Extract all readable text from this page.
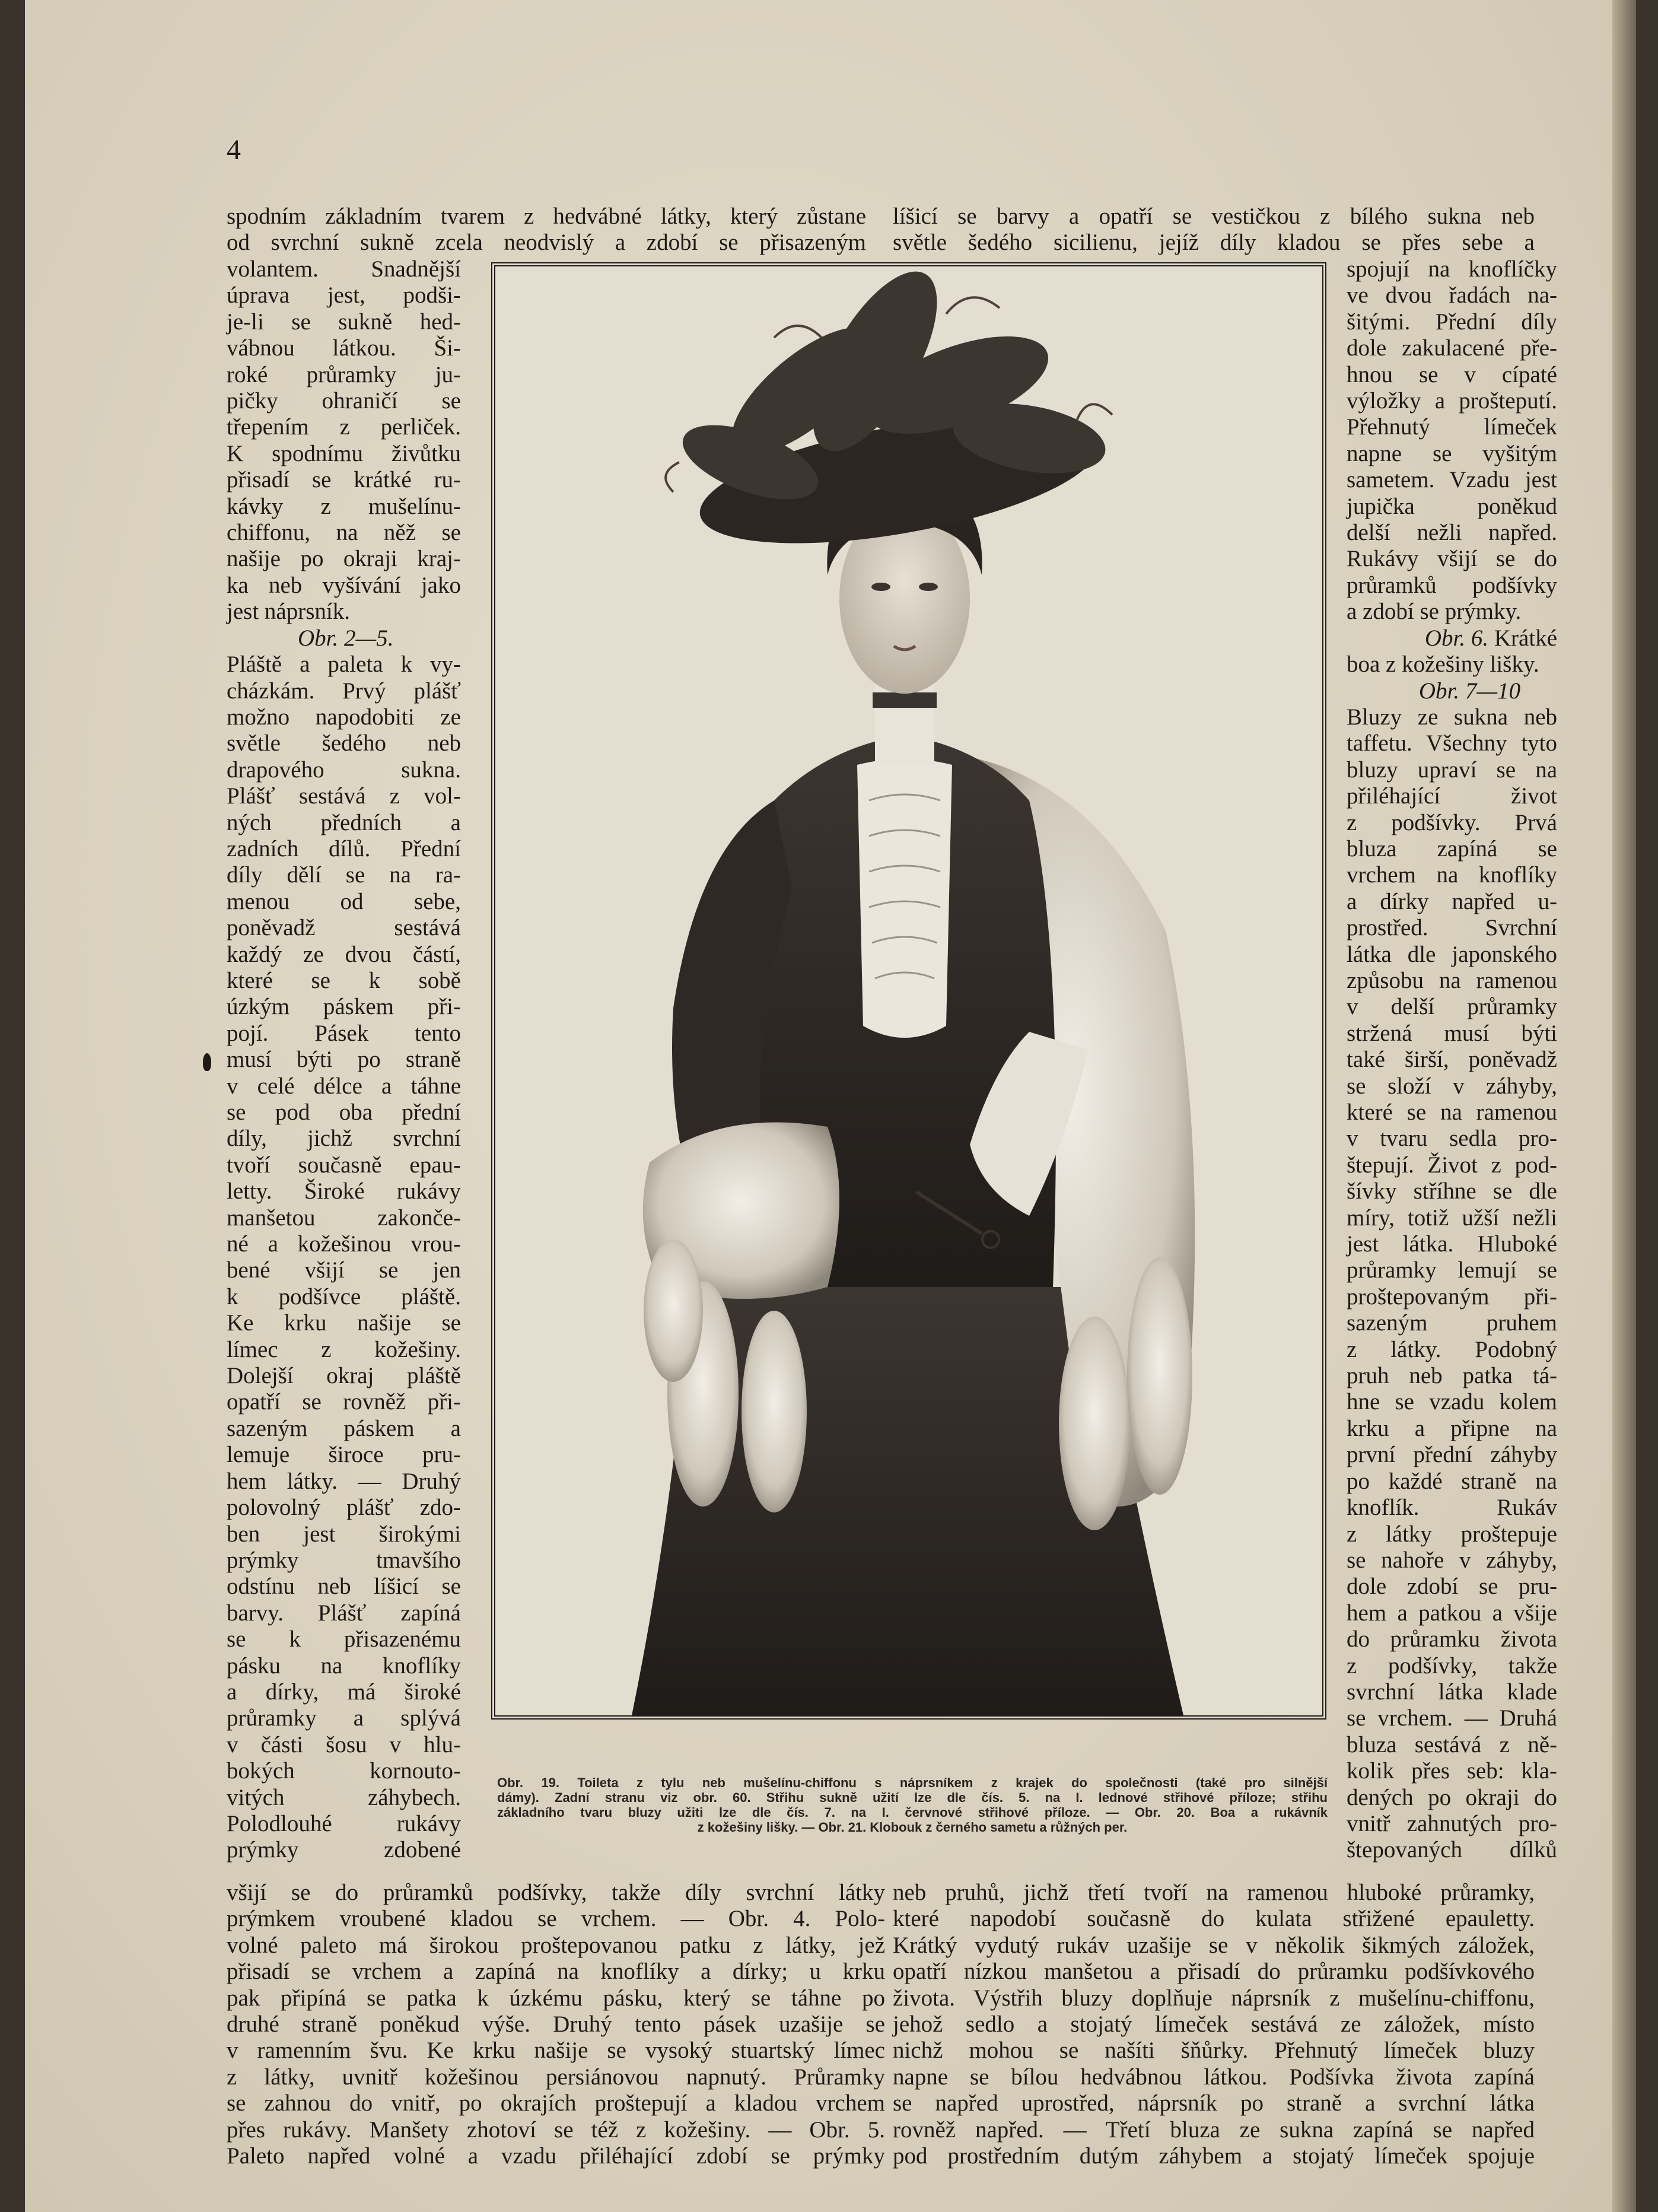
4

spodním základním tvarem z hedvábné látky, který zůstane

od svrchní sukně zcela neodvislý a zdobí se přisazeným

líšicí se barvy a opatří se vestičkou z bílého sukna neb

světle šedého sicilienu, jejíž díly kladou se přes sebe a

volantem. Snadnější

úprava jest, podši-

je-li se sukně hed-

vábnou látkou. Ši-

roké průramky ju-

pičky ohraničí se

třepením z perliček.

K spodnímu živůtku

přisadí se krátké ru-

kávky z mušelínu-

chiffonu, na něž se

našije po okraji kraj-

ka neb vyšívání jako

jest náprsník.

Obr. 2—5.

Pláště a paleta k vy-

cházkám. Prvý plášť

možno napodobiti ze

světle šedého neb

drapového sukna.

Plášť sestává z vol-

ných předních a

zadních dílů. Přední

díly dělí se na ra-

menou od sebe,

poněvadž sestává

každý ze dvou částí,

které se k sobě

úzkým páskem při-

pojí. Pásek tento

musí býti po straně

v celé délce a táhne

se pod oba přední

díly, jichž svrchní

tvoří současně epau-

letty. Široké rukávy

manšetou zakonče-

né a kožešinou vrou-

bené všijí se jen

k podšívce pláště.

Ke krku našije se

límec z kožešiny.

Dolejší okraj pláště

opatří se rovněž při-

sazeným páskem a

lemuje široce pru-

hem látky. — Druhý

polovolný plášť zdo-

ben jest širokými

prýmky tmavšího

odstínu neb líšicí se

barvy. Plášť zapíná

se k přisazenému

pásku na knoflíky

a dírky, má široké

průramky a splývá

v části šosu v hlu-

bokých kornouto-

vitých záhybech.

Polodlouhé rukávy

prýmky zdobené

spojují na knoflíčky

ve dvou řadách na-

šitými. Přední díly

dole zakulacené pře-

hnou se v cípaté

výložky a prošteputí.

Přehnutý límeček

napne se vyšitým

sametem. Vzadu jest

jupička poněkud

delší nežli napřed.

Rukávy všijí se do

průramků podšívky

a zdobí se prýmky.

Obr. 6. Krátké

boa z kožešiny lišky.

Obr. 7—10

Bluzy ze sukna neb

taffetu. Všechny tyto

bluzy upraví se na

přiléhající život

z podšívky. Prvá

bluza zapíná se

vrchem na knoflíky

a dírky napřed u-

prostřed. Svrchní

látka dle japonského

způsobu na ramenou

v delší průramky

stržená musí býti

také širší, poněvadž

se složí v záhyby,

které se na ramenou

v tvaru sedla pro-

štepují. Život z pod-

šívky stříhne se dle

míry, totiž užší nežli

jest látka. Hluboké

průramky lemují se

proštepovaným při-

sazeným pruhem

z látky. Podobný

pruh neb patka tá-

hne se vzadu kolem

krku a připne na

první přední záhyby

po každé straně na

knoflík. Rukáv

z látky proštepuje

se nahoře v záhyby,

dole zdobí se pru-

hem a patkou a všije

do průramku života

z podšívky, takže

svrchní látka klade

se vrchem. — Druhá

bluza sestává z ně-

kolik přes seb: kla-

dených po okraji do

vnitř zahnutých pro-

štepovaných dílků

Obr. 19. Toileta z tylu neb mušelínu-chiffonu s náprsníkem z krajek do společnosti (také pro silnější
dámy). Zadní stranu viz obr. 60. Střihu sukně užití lze dle čís. 5. na I. lednové střihové příloze; střihu
základního tvaru bluzy užiti lze dle čís. 7. na I. červnové střihové příloze. — Obr. 20. Boa a rukávník
z kožešiny lišky. — Obr. 21. Klobouk z černého sametu a růžných per.

všijí se do průramků podšívky, takže díly svrchní látky

prýmkem vroubené kladou se vrchem. — Obr. 4. Polo-

volné paleto má širokou proštepovanou patku z látky, jež

přisadí se vrchem a zapíná na knoflíky a dírky; u krku

pak připíná se patka k úzkému pásku, který se táhne po

druhé straně poněkud výše. Druhý tento pásek uzašije se

v ramenním švu. Ke krku našije se vysoký stuartský límec

z látky, uvnitř kožešinou persiánovou napnutý. Průramky

se zahnou do vnitř, po okrajích proštepují a kladou vrchem

přes rukávy. Manšety zhotoví se též z kožešiny. — Obr. 5.

Paleto napřed volné a vzadu přiléhající zdobí se prýmky

neb pruhů, jichž třetí tvoří na ramenou hluboké průramky,

které napodobí současně do kulata střižené epauletty.

Krátký vydutý rukáv uzašije se v několik šikmých záložek,

opatří nízkou manšetou a přisadí do průramku podšívkového

života. Výstřih bluzy doplňuje náprsník z mušelínu-chiffonu,

jehož sedlo a stojatý límeček sestává ze záložek, místo

nichž mohou se našíti šňůrky. Přehnutý límeček bluzy

napne se bílou hedvábnou látkou. Podšívka života zapíná

se napřed uprostřed, náprsník po straně a svrchní látka

rovněž napřed. — Třetí bluza ze sukna zapíná se napřed

pod prostředním dutým záhybem a stojatý límeček spojuje
